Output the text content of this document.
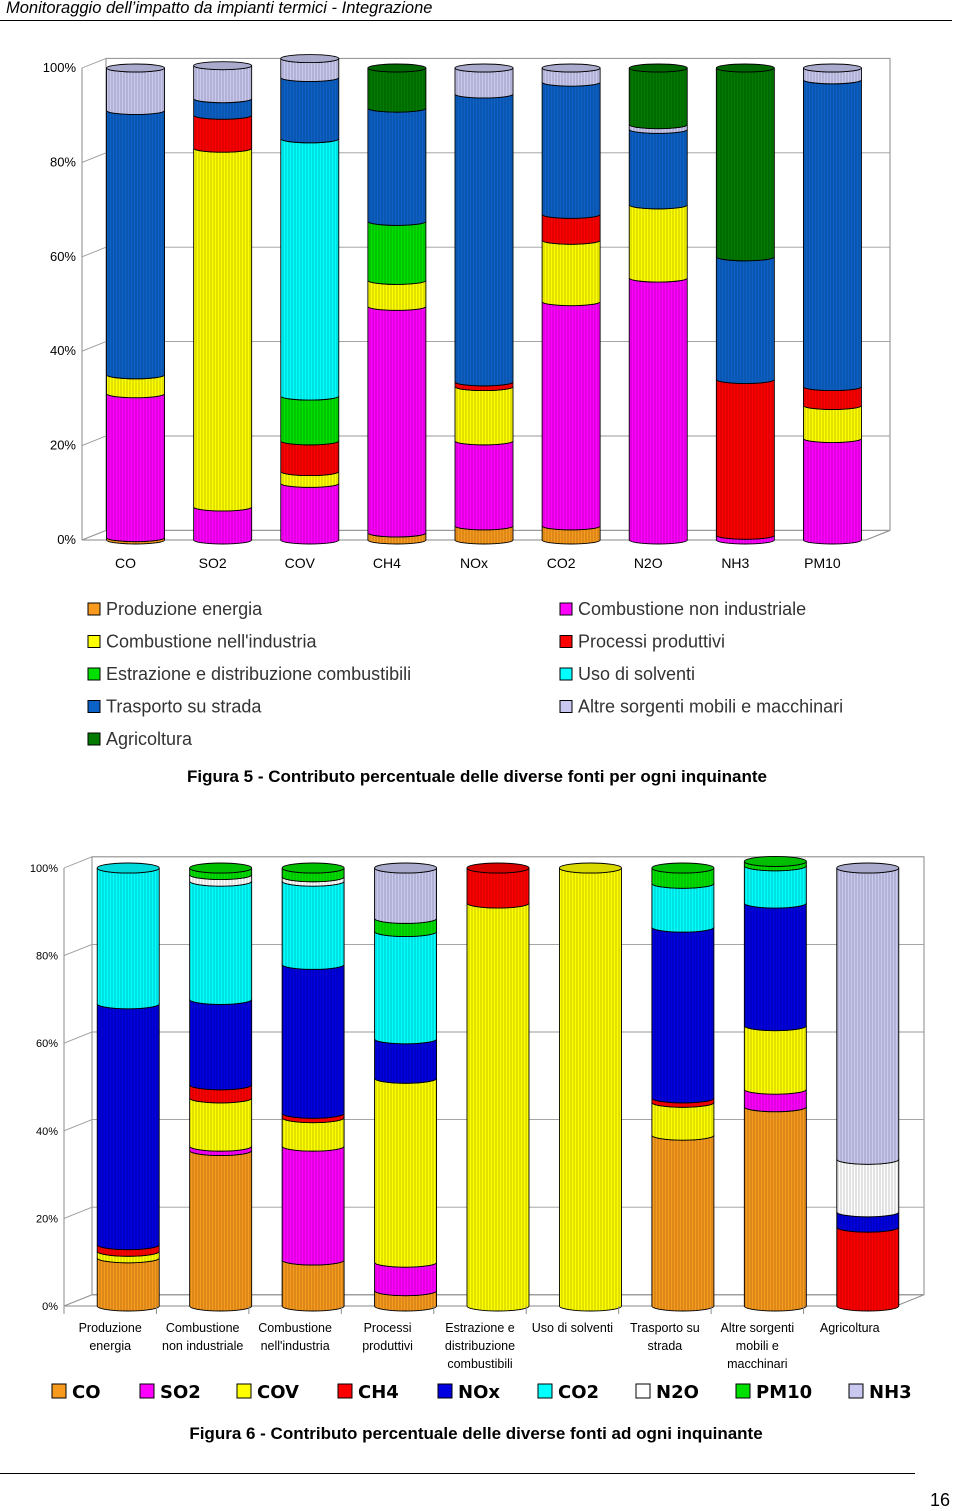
Monitoraggio dell’impatto da impianti termici - Integrazione
0%
20%
40%
60%
80%
100%
CO	SO2	COV	CH4	NOx	CO2	N2O	NH3	PM10
Produzione energia
Combustione nell'industria
Estrazione e distribuzione combustibili
Trasporto su strada
Agricoltura
Combustione non industriale
Processi produttivi
Uso di solventi
Altre sorgenti mobili e macchinari
Figura 5 - Contributo percentuale delle diverse fonti per ogni inquinante
0%
20%
40%
60%
80%
100%
Produzione energia
Combustione non industriale
Combustione nell'industria
Processi produttivi
Estrazione e distribuzione combustibili
Uso di solventi Trasporto su strada
Altre sorgenti mobili e macchinari
Agricoltura
CO	SO2	COV	CH4	NOx	CO2	N2O	PM10	NH3
Figura 6 - Contributo percentuale delle diverse fonti ad ogni inquinante
16
